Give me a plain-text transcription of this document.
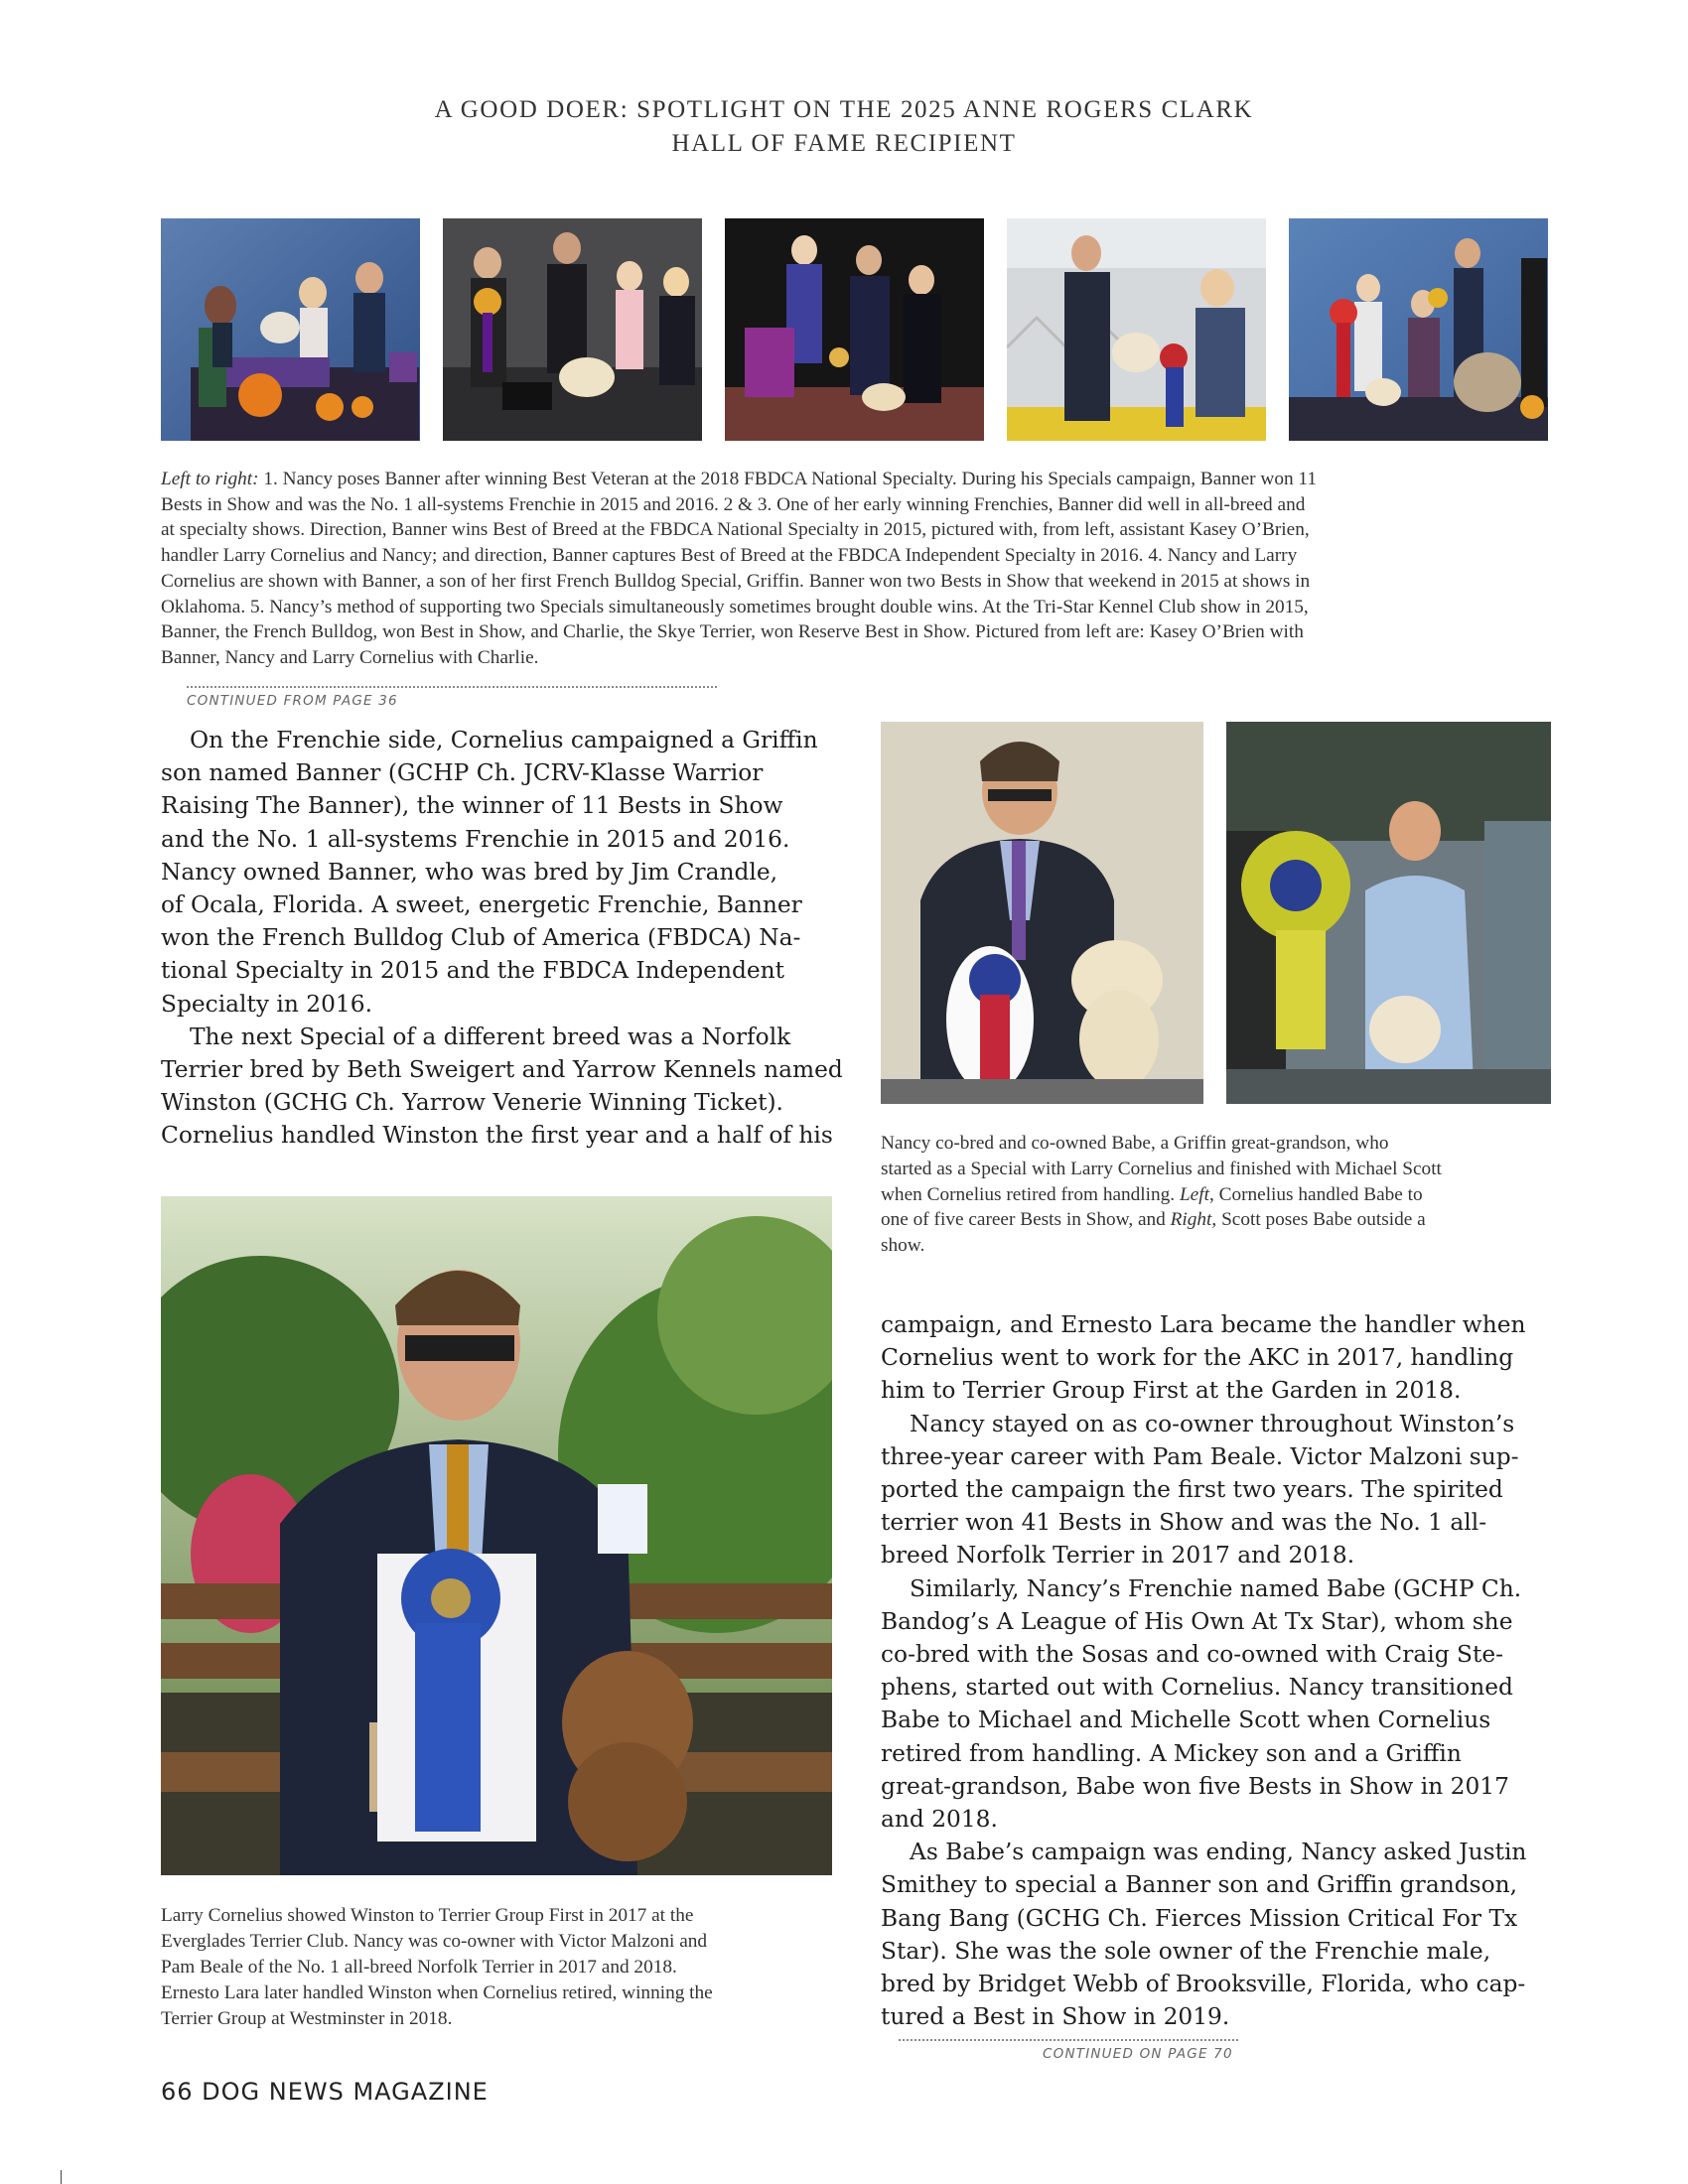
A GOOD DOER: SPOTLIGHT ON THE 2025 ANNE ROGERS CLARK
HALL OF FAME RECIPIENT
Left to right: 1. Nancy poses Banner after winning Best Veteran at the 2018 FBDCA National Specialty. During his Specials campaign, Banner won 11
Bests in Show and was the No. 1 all-systems Frenchie in 2015 and 2016. 2 & 3. One of her early winning Frenchies, Banner did well in all-breed and
at specialty shows. Direction, Banner wins Best of Breed at the FBDCA National Specialty in 2015, pictured with, from left, assistant Kasey O’Brien,
handler Larry Cornelius and Nancy; and direction, Banner captures Best of Breed at the FBDCA Independent Specialty in 2016. 4. Nancy and Larry
Cornelius are shown with Banner, a son of her first French Bulldog Special, Griffin. Banner won two Bests in Show that weekend in 2015 at shows in
Oklahoma. 5. Nancy’s method of supporting two Specials simultaneously sometimes brought double wins. At the Tri-Star Kennel Club show in 2015,
Banner, the French Bulldog, won Best in Show, and Charlie, the Skye Terrier, won Reserve Best in Show. Pictured from left are: Kasey O’Brien with
Banner, Nancy and Larry Cornelius with Charlie.
CONTINUED FROM PAGE 36

On the Frenchie side, Cornelius campaigned a Griffin

son named Banner (GCHP Ch. JCRV-Klasse Warrior

Raising The Banner), the winner of 11 Bests in Show

and the No. 1 all-systems Frenchie in 2015 and 2016.

Nancy owned Banner, who was bred by Jim Crandle,

of Ocala, Florida. A sweet, energetic Frenchie, Banner

won the French Bulldog Club of America (FBDCA) Na-

tional Specialty in 2015 and the FBDCA Independent

Specialty in 2016.

The next Special of a different breed was a Norfolk

Terrier bred by Beth Sweigert and Yarrow Kennels named

Winston (GCHG Ch. Yarrow Venerie Winning Ticket).

Cornelius handled Winston the first year and a half of his Nancy co-bred and co-owned Babe, a Griffin great-grandson, who
started as a Special with Larry Cornelius and finished with Michael Scott
when Cornelius retired from handling. Left, Cornelius handled Babe to
one of five career Bests in Show, and Right, Scott poses Babe outside a
show.

campaign, and Ernesto Lara became the handler when

Cornelius went to work for the AKC in 2017, handling

him to Terrier Group First at the Garden in 2018.

Nancy stayed on as co-owner throughout Winston’s

three-year career with Pam Beale. Victor Malzoni sup-

ported the campaign the first two years. The spirited

terrier won 41 Bests in Show and was the No. 1 all-

breed Norfolk Terrier in 2017 and 2018.

Similarly, Nancy’s Frenchie named Babe (GCHP Ch.

Bandog’s A League of His Own At Tx Star), whom she

co-bred with the Sosas and co-owned with Craig Ste-

phens, started out with Cornelius. Nancy transitioned

Babe to Michael and Michelle Scott when Cornelius

retired from handling. A Mickey son and a Griffin

great-grandson, Babe won five Bests in Show in 2017

and 2018.

As Babe’s campaign was ending, Nancy asked Justin

Smithey to special a Banner son and Griffin grandson,

Bang Bang (GCHG Ch. Fierces Mission Critical For Tx

Star). She was the sole owner of the Frenchie male,

bred by Bridget Webb of Brooksville, Florida, who cap-

tured a Best in Show in 2019.

Larry Cornelius showed Winston to Terrier Group First in 2017 at the
Everglades Terrier Club. Nancy was co-owner with Victor Malzoni and
Pam Beale of the No. 1 all-breed Norfolk Terrier in 2017 and 2018.
Ernesto Lara later handled Winston when Cornelius retired, winning the
Terrier Group at Westminster in 2018.
CONTINUED ON PAGE 70
66 DOG NEWS MAGAZINE
